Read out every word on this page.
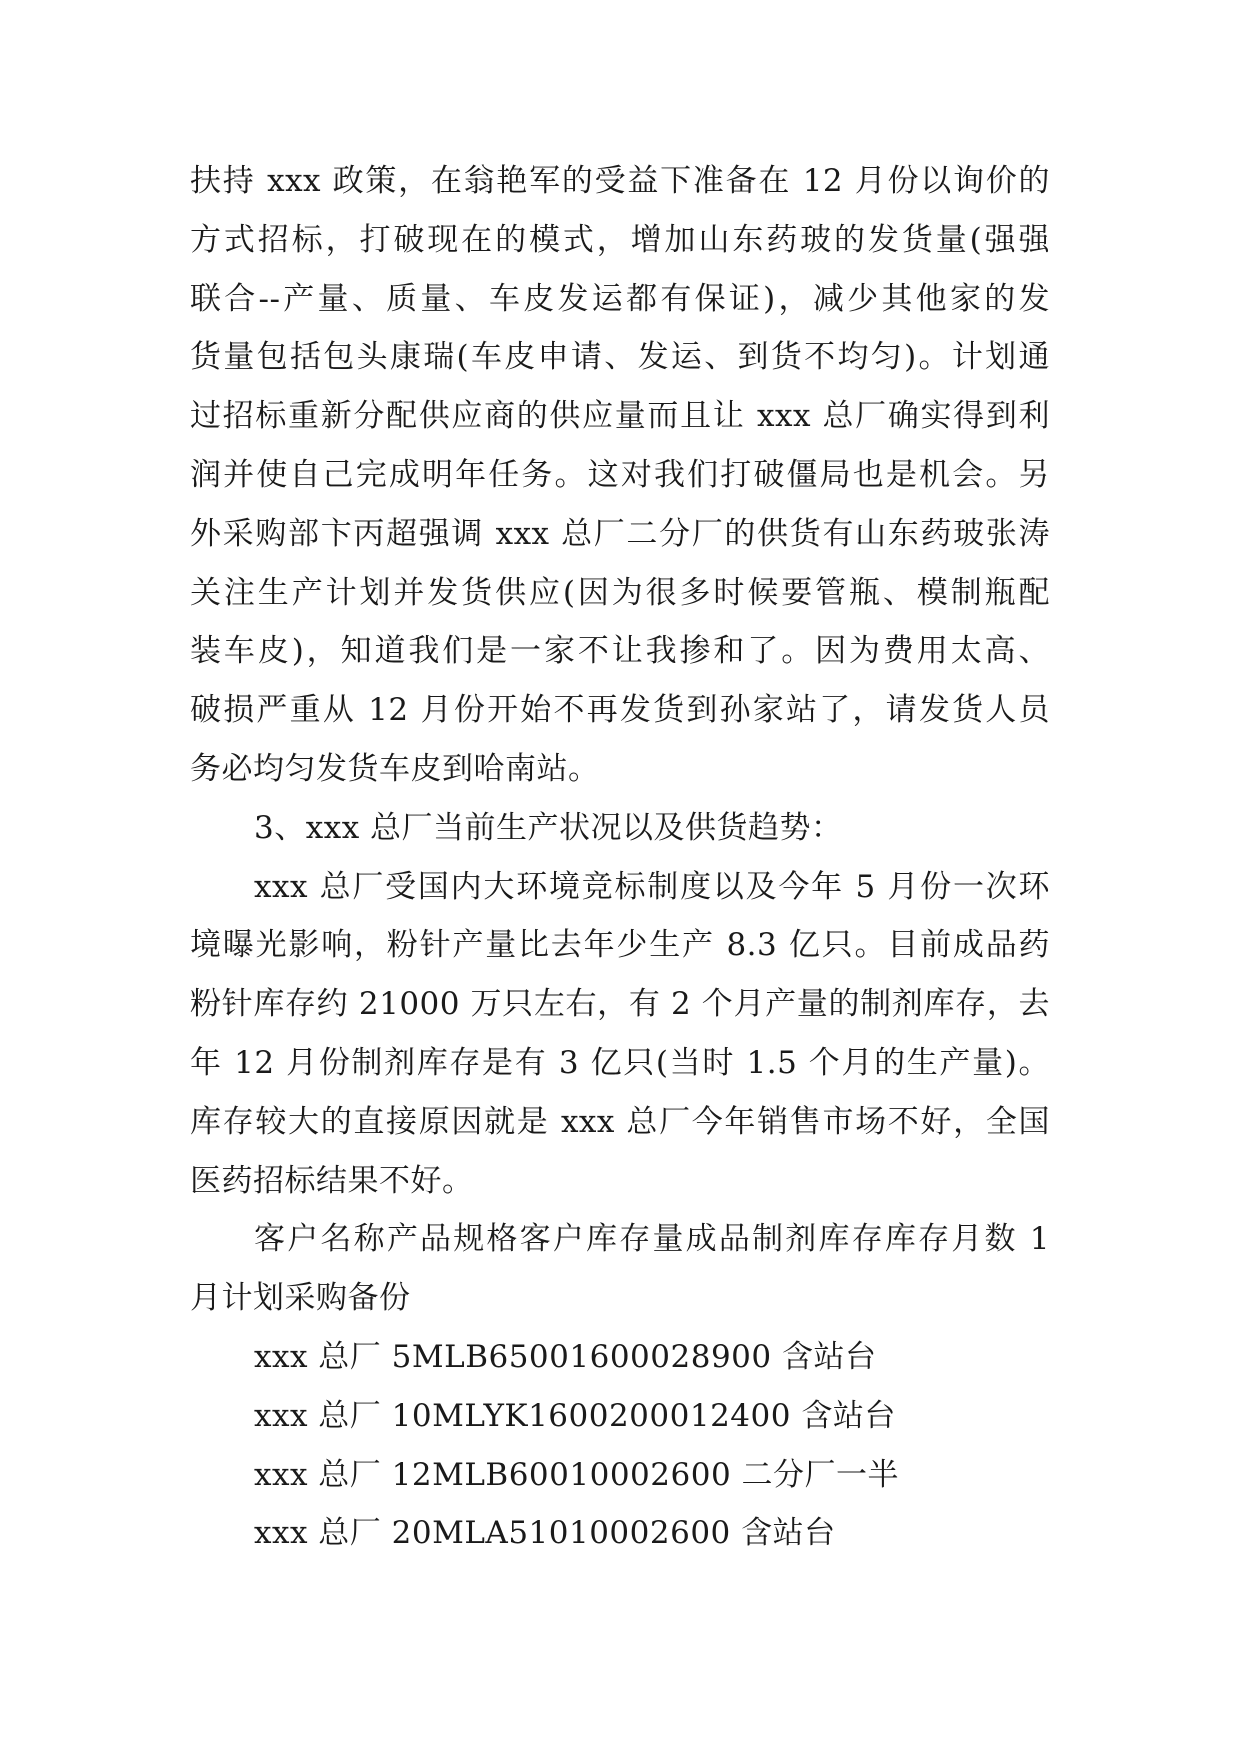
扶持 xxx 政策，在翁艳军的受益下准备在 12 月份以询价的
方式招标，打破现在的模式，增加山东药玻的发货量(强强
联合--产量、质量、车皮发运都有保证)，减少其他家的发
货量包括包头康瑞(车皮申请、发运、到货不均匀)。计划通
过招标重新分配供应商的供应量而且让 xxx 总厂确实得到利
润并使自己完成明年任务。这对我们打破僵局也是机会。另
外采购部卞丙超强调 xxx 总厂二分厂的供货有山东药玻张涛
关注生产计划并发货供应(因为很多时候要管瓶、模制瓶配
装车皮)，知道我们是一家不让我掺和了。因为费用太高、
破损严重从 12 月份开始不再发货到孙家站了，请发货人员
务必均匀发货车皮到哈南站。
3、xxx 总厂当前生产状况以及供货趋势：
xxx 总厂受国内大环境竞标制度以及今年 5 月份一次环
境曝光影响，粉针产量比去年少生产 8.3 亿只。目前成品药
粉针库存约 21000 万只左右，有 2 个月产量的制剂库存，去
年 12 月份制剂库存是有 3 亿只(当时 1.5 个月的生产量)。
库存较大的直接原因就是 xxx 总厂今年销售市场不好，全国
医药招标结果不好。
客户名称产品规格客户库存量成品制剂库存库存月数 1
月计划采购备份
xxx 总厂 5MLB65001600028900 含站台
xxx 总厂 10MLYK1600200012400 含站台
xxx 总厂 12MLB60010002600 二分厂一半
xxx 总厂 20MLA51010002600 含站台
